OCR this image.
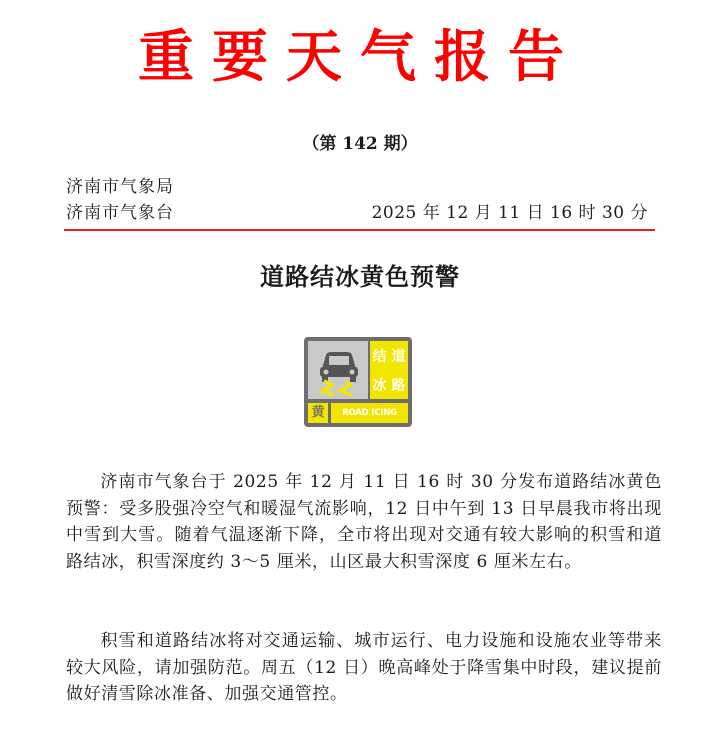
重要天气报告
（第 142 期）
济南市气象局
济南市气象台	2025 年 12 月 11 日 16 时 30 分
道路结冰黄色预警
结 道
冰 路
黄	ROAD ICING
济南市气象台于 2025 年 12 月 11 日 16 时 30 分发布道路结冰黄色预警：受多股强冷空气和暖湿气流影响，12 日中午到 13 日早晨我市将出现中雪到大雪。随着气温逐渐下降，全市将出现对交通有较大影响的积雪和道路结冰，积雪深度约 3～5 厘米，山区最大积雪深度 6 厘米左右。
积雪和道路结冰将对交通运输、城市运行、电力设施和设施农业等带来较大风险，请加强防范。周五（12 日）晚高峰处于降雪集中时段，建议提前做好清雪除冰准备、加强交通管控。
